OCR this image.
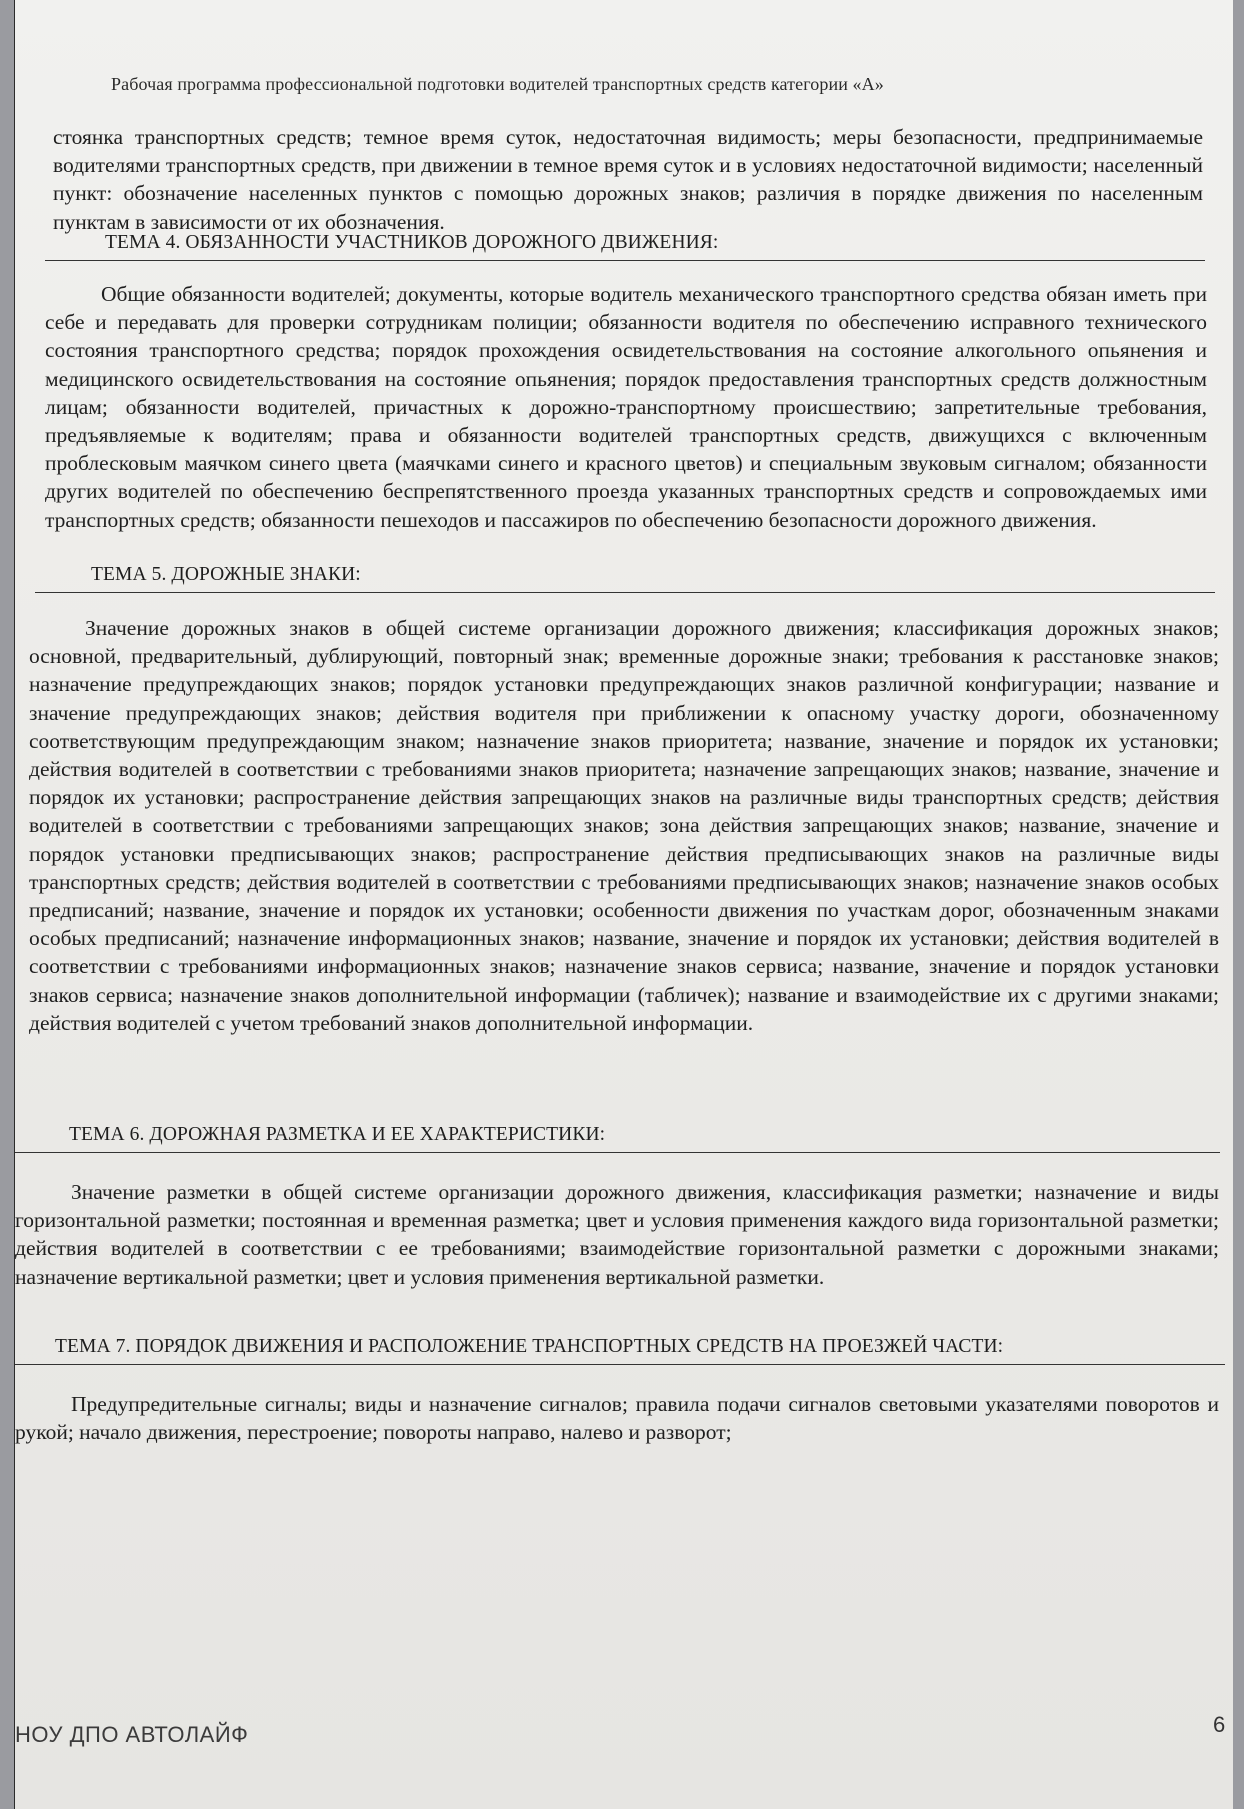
Рабочая программа профессиональной подготовки водителей транспортных средств категории «А»

стоянка транспортных средств; темное время суток, недостаточная видимость; меры безопасности, предпринимаемые водителями транспортных средств, при движении в темное время суток и в условиях недостаточной видимости; населенный пункт: обозначение населенных пунктов с помощью дорожных знаков; различия в порядке движения по населенным пунктам в зависимости от их обозначения.

ТЕМА 4. ОБЯЗАННОСТИ УЧАСТНИКОВ ДОРОЖНОГО ДВИЖЕНИЯ:

Общие обязанности водителей; документы, которые водитель механического транспортного средства обязан иметь при себе и передавать для проверки сотрудникам полиции; обязанности водителя по обеспечению исправного технического состояния транспортного средства; порядок прохождения освидетельствования на состояние алкогольного опьянения и медицинского освидетельствования на состояние опьянения; порядок предоставления транспортных средств должностным лицам; обязанности водителей, причастных к дорожно-транспортному происшествию; запретительные требования, предъявляемые к водителям; права и обязанности водителей транспортных средств, движущихся с включенным проблесковым маячком синего цвета (маячками синего и красного цветов) и специальным звуковым сигналом; обязанности других водителей по обеспечению беспрепятственного проезда указанных транспортных средств и сопровождаемых ими транспортных средств; обязанности пешеходов и пассажиров по обеспечению безопасности дорожного движения.

ТЕМА 5. ДОРОЖНЫЕ ЗНАКИ:

Значение дорожных знаков в общей системе организации дорожного движения; классификация дорожных знаков; основной, предварительный, дублирующий, повторный знак; временные дорожные знаки; требования к расстановке знаков; назначение предупреждающих знаков; порядок установки предупреждающих знаков различной конфигурации; название и значение предупреждающих знаков; действия водителя при приближении к опасному участку дороги, обозначенному соответствующим предупреждающим знаком; назначение знаков приоритета; название, значение и порядок их установки; действия водителей в соответствии с требованиями знаков приоритета; назначение запрещающих знаков; название, значение и порядок их установки; распространение действия запрещающих знаков на различные виды транспортных средств; действия водителей в соответствии с требованиями запрещающих знаков; зона действия запрещающих знаков; название, значение и порядок установки предписывающих знаков; распространение действия предписывающих знаков на различные виды транспортных средств; действия водителей в соответствии с требованиями предписывающих знаков; назначение знаков особых предписаний; название, значение и порядок их установки; особенности движения по участкам дорог, обозначенным знаками особых предписаний; назначение информационных знаков; название, значение и порядок их установки; действия водителей в соответствии с требованиями информационных знаков; назначение знаков сервиса; название, значение и порядок установки знаков сервиса; назначение знаков дополнительной информации (табличек); название и взаимодействие их с другими знаками; действия водителей с учетом требований знаков дополнительной информации.

ТЕМА 6. ДОРОЖНАЯ РАЗМЕТКА И ЕЕ ХАРАКТЕРИСТИКИ:

Значение разметки в общей системе организации дорожного движения, классификация разметки; назначение и виды горизонтальной разметки; постоянная и временная разметка; цвет и условия применения каждого вида горизонтальной разметки; действия водителей в соответствии с ее требованиями; взаимодействие горизонтальной разметки с дорожными знаками; назначение вертикальной разметки; цвет и условия применения вертикальной разметки.

ТЕМА 7. ПОРЯДОК ДВИЖЕНИЯ И РАСПОЛОЖЕНИЕ ТРАНСПОРТНЫХ СРЕДСТВ НА ПРОЕЗЖЕЙ ЧАСТИ:

Предупредительные сигналы; виды и назначение сигналов; правила подачи сигналов световыми указателями поворотов и рукой; начало движения, перестроение; повороты направо, налево и разворот;

НОУ ДПО АВТОЛАЙФ	6
